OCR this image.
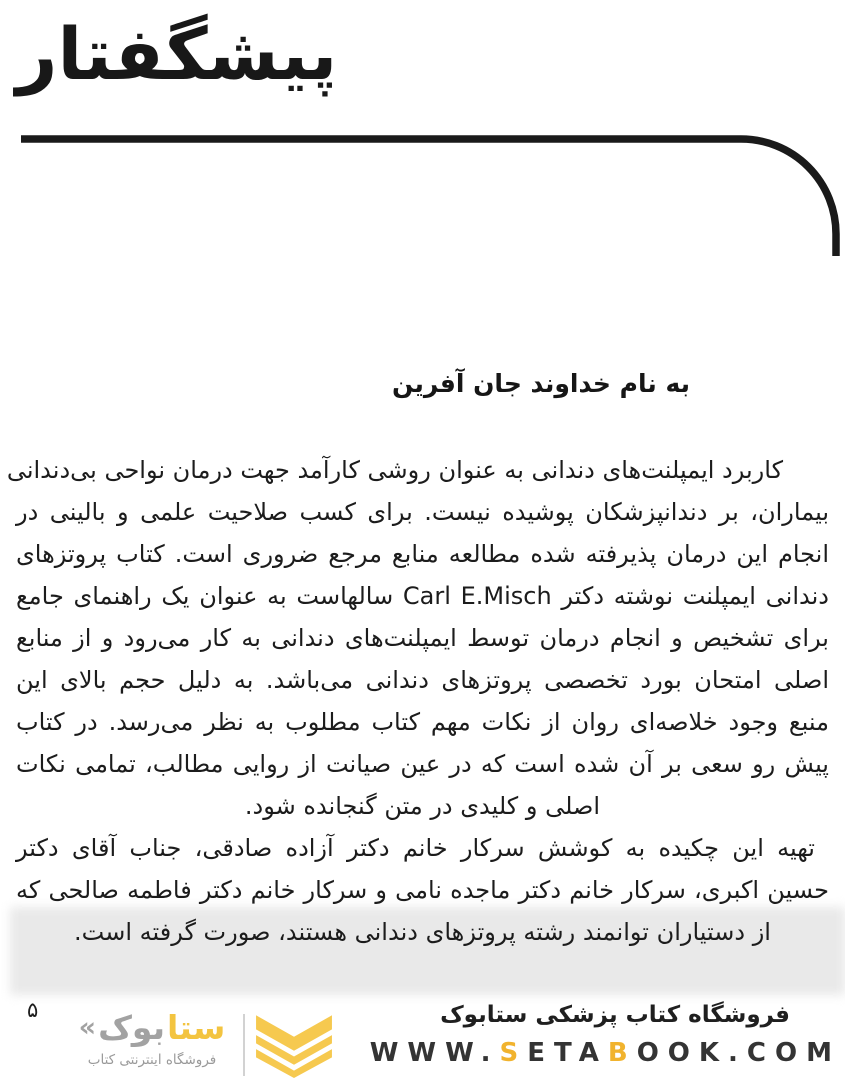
پیشگفتار
به نام خداوند جان آفرین
کاربرد ایمپلنت‌های دندانی به عنوان روشی کارآمد جهت درمان نواحی بی‌دندانی
بیماران، بر دندانپزشکان پوشیده نیست. برای کسب صلاحیت علمی و بالینی در
انجام این درمان پذیرفته شده مطالعه منابع مرجع ضروری است. کتاب پروتزهای
دندانی ایمپلنت نوشته دکتر Carl E.Misch سالهاست به عنوان یک راهنمای جامع
برای تشخیص و انجام درمان توسط ایمپلنت‌های دندانی به کار می‌رود و از منابع
اصلی امتحان بورد تخصصی پروتزهای دندانی می‌باشد. به دلیل حجم بالای این
منبع وجود خلاصه‌ای روان از نکات مهم کتاب مطلوب به نظر می‌رسد. در کتاب
پیش رو سعی بر آن شده است که در عین صیانت از روایی مطالب، تمامی نکات
اصلی و کلیدی در متن گنجانده شود.
تهیه این چکیده به کوشش سرکار خانم دکتر آزاده صادقی، جناب آقای دکتر
حسین اکبری، سرکار خانم دکتر ماجده نامی و سرکار خانم دکتر فاطمه صالحی که
از دستیاران توانمند رشته پروتزهای دندانی هستند، صورت گرفته است.
۵	فروشگاه کتاب پزشکی ستابوک
WWW.SETABOOK.COM
« بوک ستا
فروشگاه اینترنتی کتاب
